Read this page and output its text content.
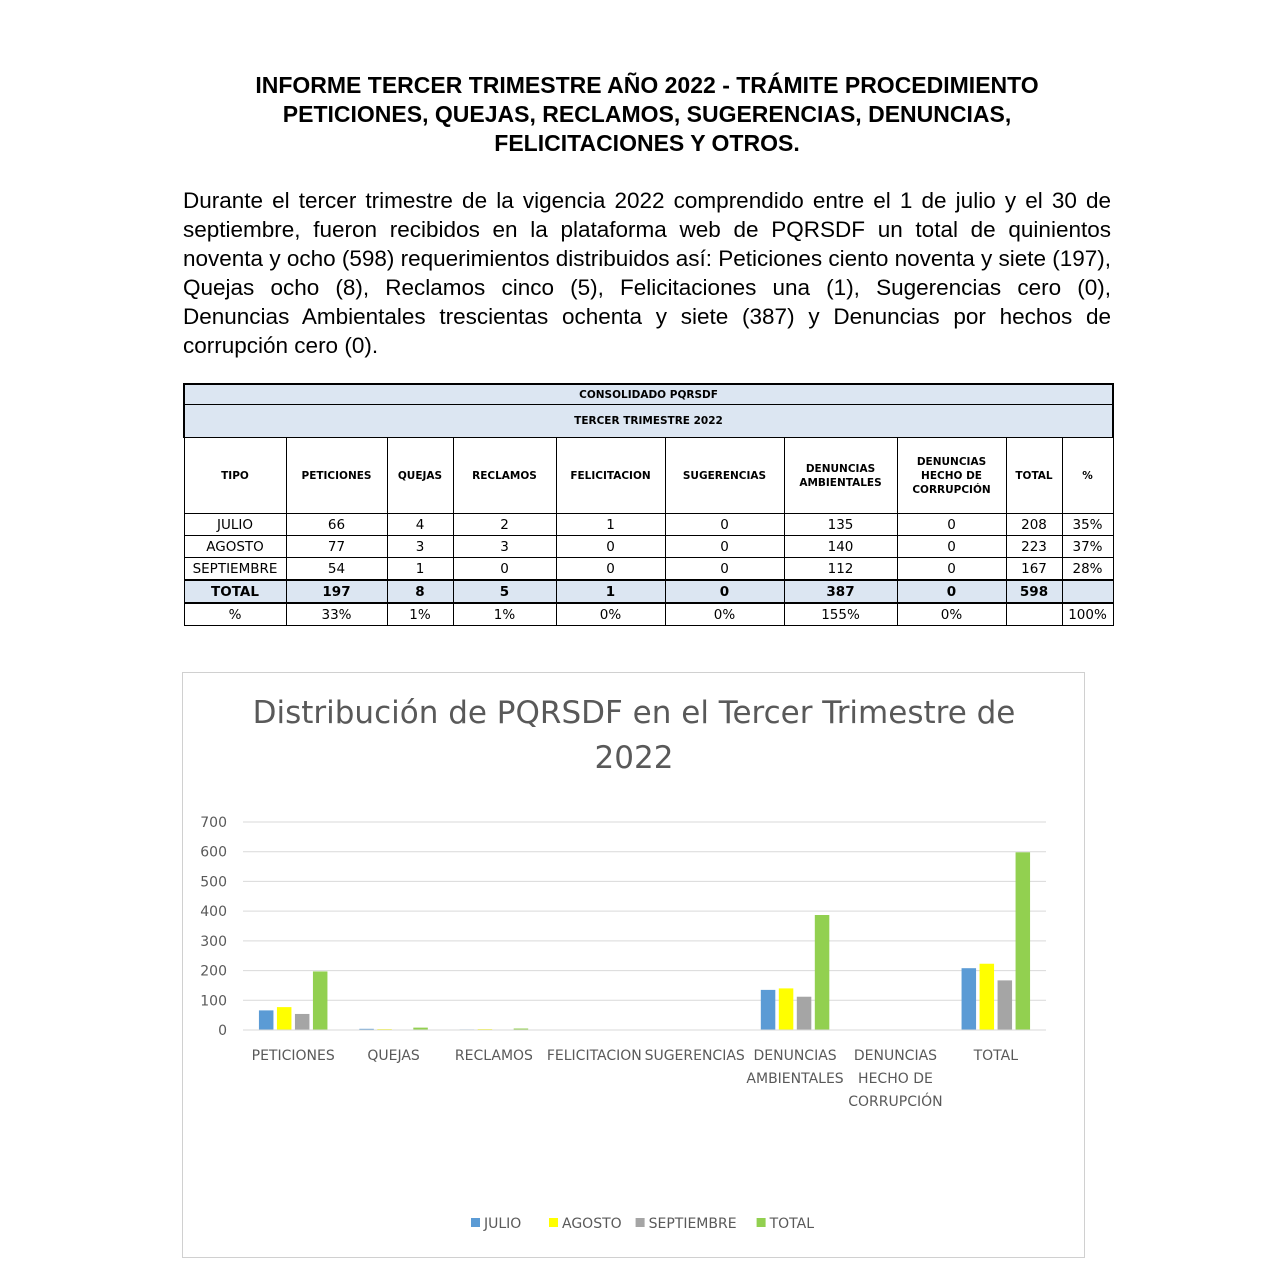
INFORME TERCER TRIMESTRE AÑO 2022 - TRÁMITE PROCEDIMIENTO
PETICIONES, QUEJAS, RECLAMOS, SUGERENCIAS, DENUNCIAS,
FELICITACIONES Y OTROS.

Durante el tercer trimestre de la vigencia 2022 comprendido entre el 1 de julio y el 30 de septiembre, fueron recibidos en la plataforma web de PQRSDF un total de quinientos noventa y ocho (598) requerimientos distribuidos así: Peticiones ciento noventa y siete (197), Quejas ocho (8), Reclamos cinco (5), Felicitaciones una (1), Sugerencias cero (0), Denuncias Ambientales trescientas ochenta y siete (387) y Denuncias por hechos de corrupción cero (0).

CONSOLIDADO PQRSDF									
TERCER TRIMESTRE 2022									
TIPO	PETICIONES	QUEJAS	RECLAMOS	FELICITACION	SUGERENCIAS	DENUNCIAS AMBIENTALES	DENUNCIAS HECHO DE CORRUPCIÓN	TOTAL	%
JULIO	66	4	2	1	0	135	0	208	35%
AGOSTO	77	3	3	0	0	140	0	223	37%
SEPTIEMBRE	54	1	0	0	0	112	0	167	28%
TOTAL	197	8	5	1	0	387	0	598	
%	33%	1%	1%	0%	0%	155%	0%		100%
Distribución de PQRSDF en el Tercer Trimestre de
2022
0
100
200
300
400
500
600
700
PETICIONES QUEJAS	RECLAMOS FELICITACION SUGERENCIAS DENUNCIAS AMBIENTALES
DENUNCIAS HECHO DE CORRUPCIÓN
TOTAL
JULIO	AGOSTO SEPTIEMBRE TOTAL
